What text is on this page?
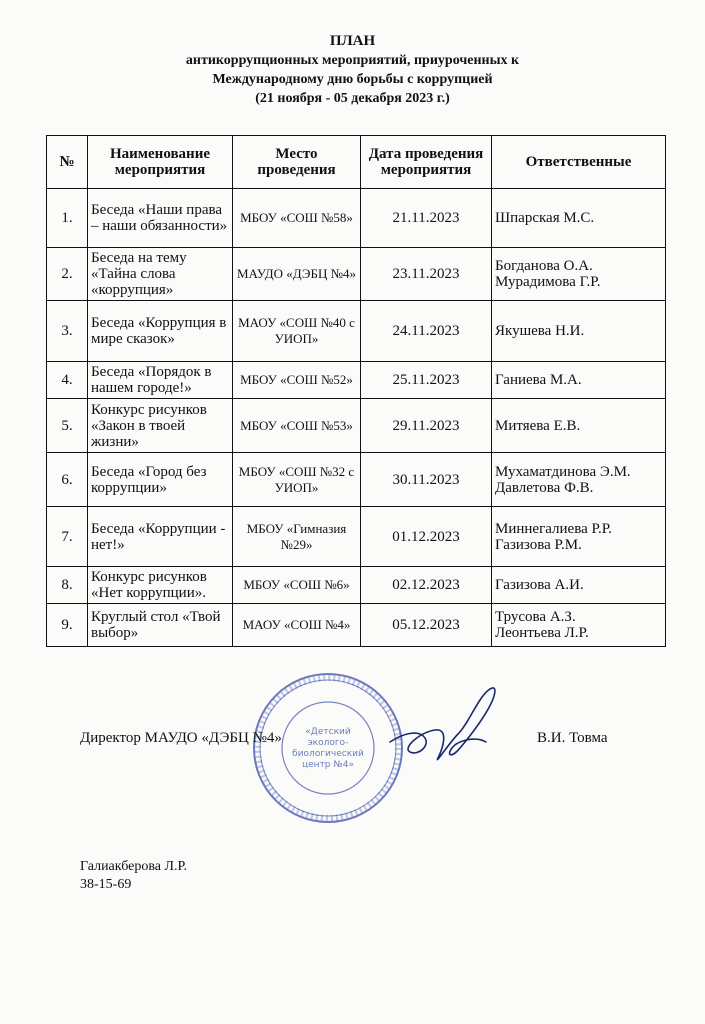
ПЛАН
антикоррупционных мероприятий, приуроченных к
Международному дню борьбы с коррупцией
(21 ноября - 05 декабря 2023 г.)
№	Наименование мероприятия	Место проведения	Дата проведения мероприятия	Ответственные
1.	Беседа «Наши права – наши обязанности»	МБОУ «СОШ №58»	21.11.2023	Шпарская М.С.

2.	Беседа на тему «Тайна слова «коррупция»	МАУДО «ДЭБЦ №4»	23.11.2023	Богданова О.А.
Мурадимова Г.Р.

3.	Беседа «Коррупция в мире сказок»	МАОУ «СОШ №40 с УИОП»	24.11.2023	Якушева Н.И.

4.	Беседа «Порядок в нашем городе!»	МБОУ «СОШ №52»	25.11.2023	Ганиева М.А.

5.	Конкурс рисунков «Закон в твоей жизни»	МБОУ «СОШ №53»	29.11.2023	Митяева Е.В.

6.	Беседа «Город без коррупции»	МБОУ «СОШ №32 с УИОП»	30.11.2023	Мухаматдинова Э.М.
Давлетова Ф.В.

7.	Беседа «Коррупции - нет!»	МБОУ «Гимназия №29»	01.12.2023	Миннегалиева Р.Р.
Газизова Р.М.

8.	Конкурс рисунков «Нет коррупции».	МБОУ «СОШ №6»	02.12.2023	Газизова А.И.

9.	Круглый стол «Твой выбор»	МАОУ «СОШ №4»	05.12.2023	Трусова А.З.
Леонтьева Л.Р.
«Детский эколого-биологический центр №4»
Директор МАУДО «ДЭБЦ №4»	В.И. Товма
Галиакберова Л.Р.
38-15-69
